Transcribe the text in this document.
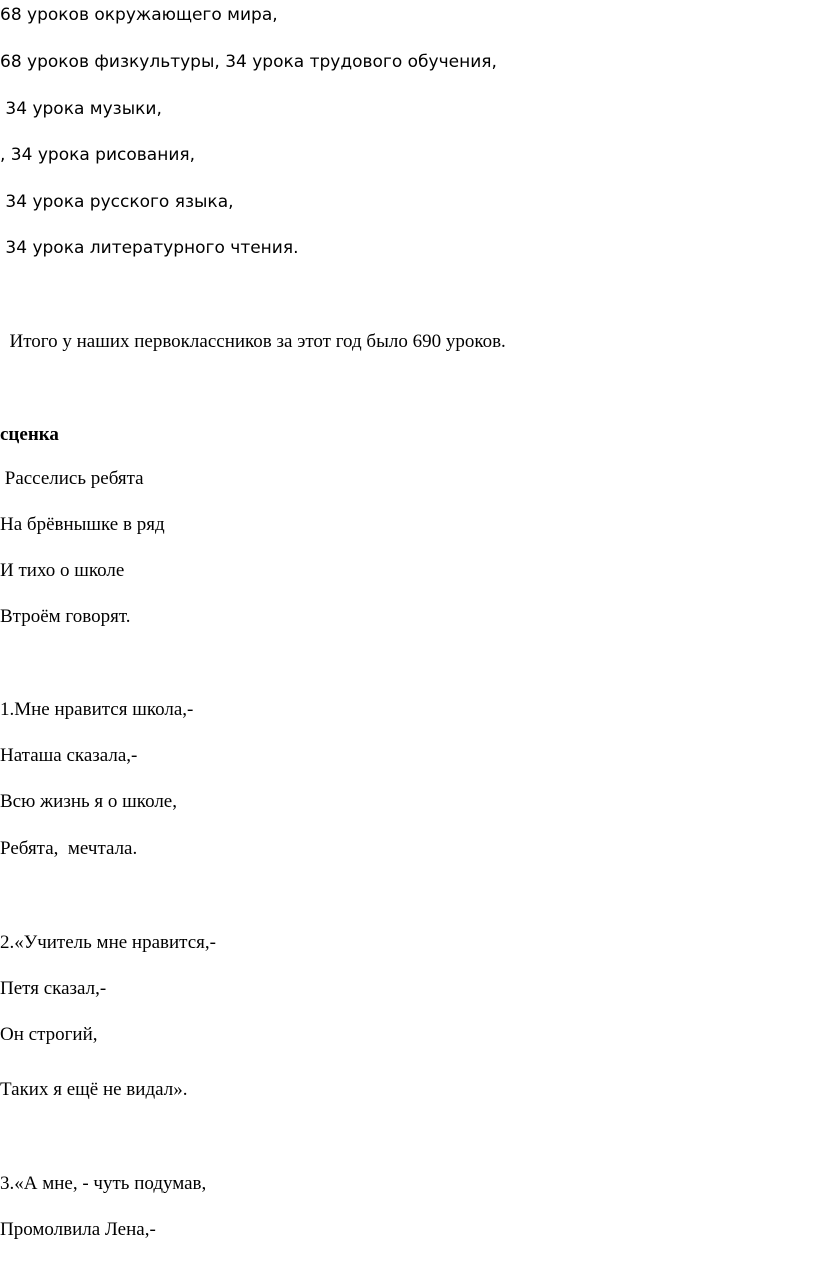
68 уроков окружающего мира,
68 уроков физкультуры, 34 урока трудового обучения,
34 урока музыки,
, 34 урока рисования,
34 урока русского языка,
34 урока литературного чтения.
Итого у наших первоклассников за этот год было 690 уроков.
сценка
Расселись ребята
На брёвнышке в ряд
И тихо о школе
Втроём говорят.
1.Мне нравится школа,-
Наташа сказала,-
Всю жизнь я о школе,
Ребята,  мечтала.
2.«Учитель мне нравится,-
Петя сказал,-
Он строгий,
Таких я ещё не видал».
3.«А мне, - чуть подумав,
Промолвила Лена,-
